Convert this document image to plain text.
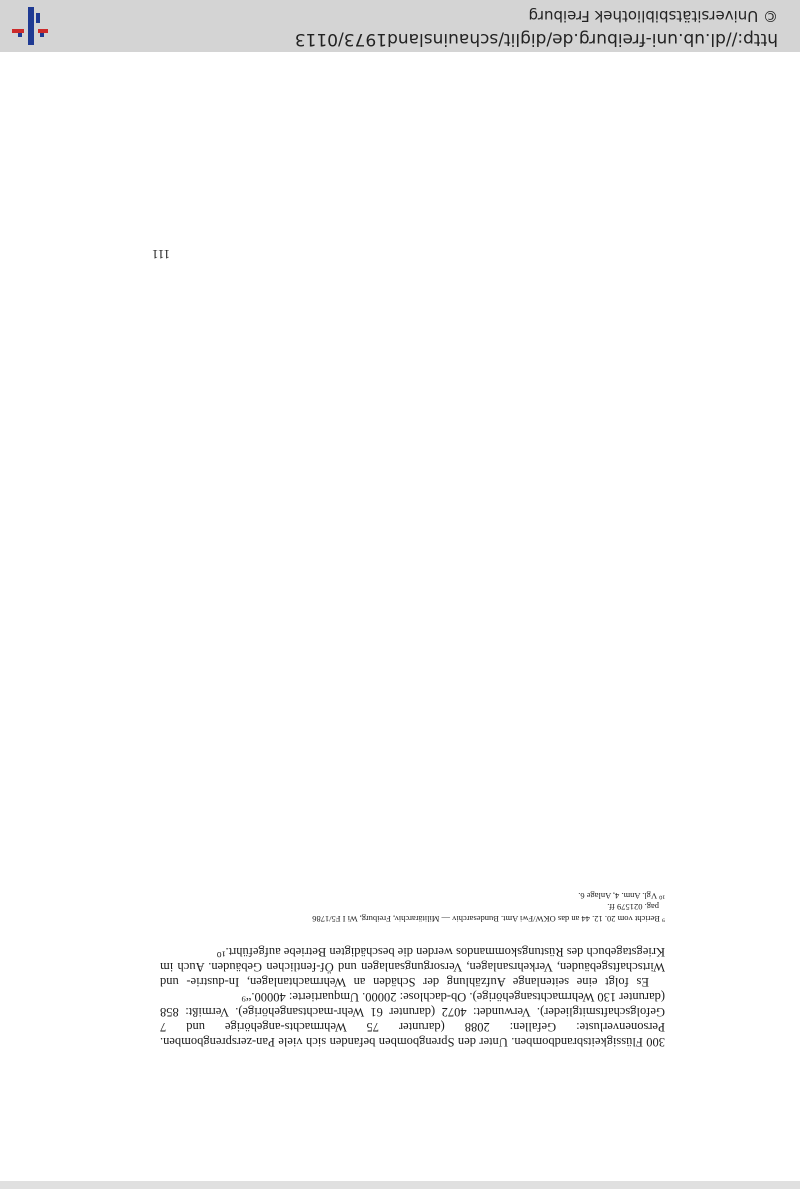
300 Flüssigkeitsbrandbomben. Unter den Sprengbomben befanden sich viele Pan-zersprengbomben. Personenverluste: Gefallen: 2088 (darunter 75 Wehrmachts-angehörige und 7 Gefolgschaftsmitglieder). Verwundet: 4072 (darunter 61 Wehr-machtsangehörige). Vermißt: 858 (darunter 130 Wehrmachtsangehörige). Ob-dachlose: 20000. Umquartierte: 40000.“⁹

Es folgt eine seitenlange Aufzählung der Schäden an Wehrmachtanlagen, In-dustrie- und Wirtschaftsgebäuden, Verkehrsanlagen, Versorgungsanlagen und Öf-fentlichen Gebäuden. Auch im Kriegstagebuch des Rüstungskommandos werden die beschädigten Betriebe aufgeführt.¹⁰

⁹ Bericht vom 20. 12. 44 an das OKW/Fwi Amt. Bundesarchiv — Militärarchiv, Freiburg, Wi I F5/1786

pag. 021579 ff.

¹⁰ Vgl. Anm. 4, Anlage 6.

111
http://dl.ub.uni-freiburg.de/diglit/schauinsland1973/0113
© Universitätsbibliothek Freiburg
